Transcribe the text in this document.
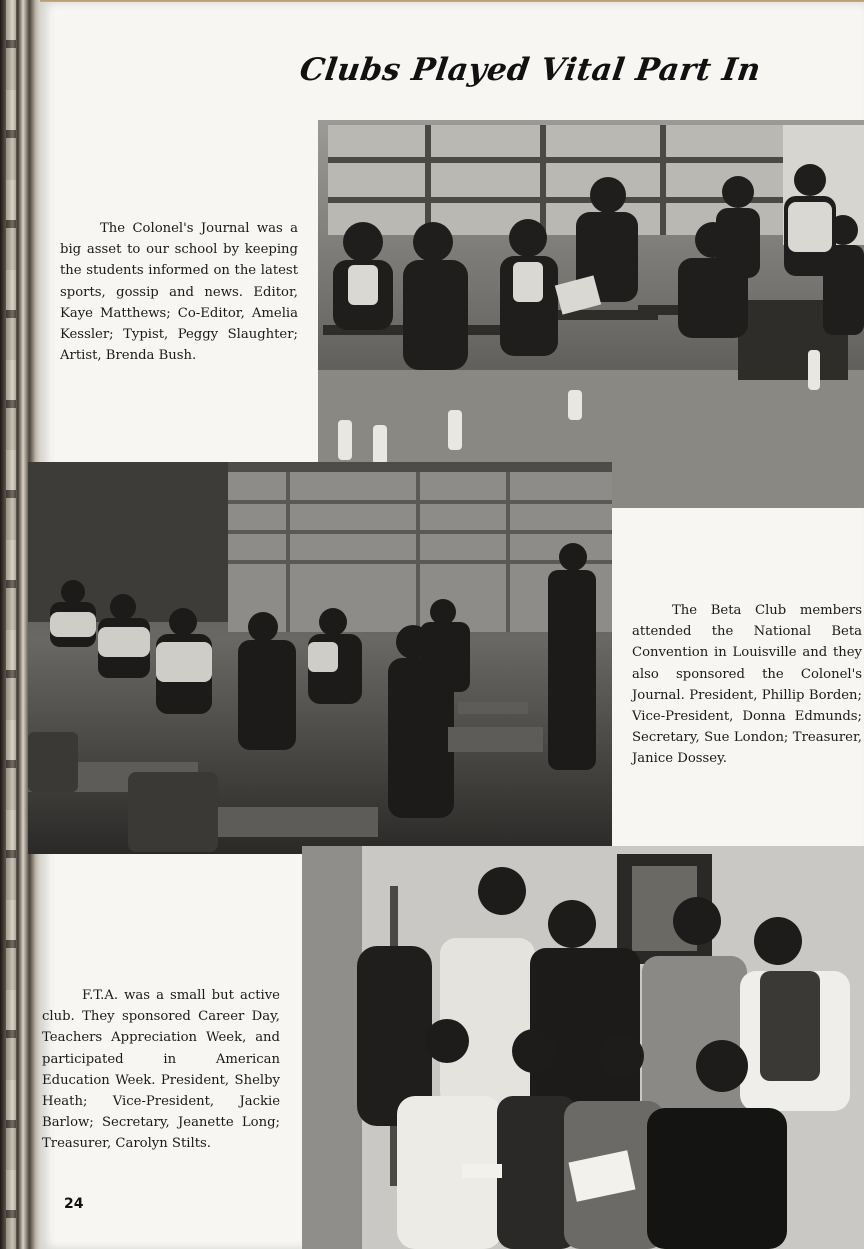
Clubs Played Vital Part In

The Colonel's Journal was a big asset to our school by keeping the students informed on the latest sports, gossip and news. Editor, Kaye Matthews; Co-Editor, Amelia Kessler; Typist, Peggy Slaughter; Artist, Brenda Bush.

The Beta Club members attended the National Beta Convention in Louisville and they also sponsored the Colonel's Journal. President, Phillip Borden; Vice-President, Donna Edmunds; Secretary, Sue London; Treasurer, Janice Dossey.

F.T.A. was a small but active club. They sponsored Career Day, Teachers Appreciation Week, and participated in American Education Week. President, Shelby Heath; Vice-President, Jackie Barlow; Secretary, Jeanette Long; Treasurer, Carolyn Stilts.

24
